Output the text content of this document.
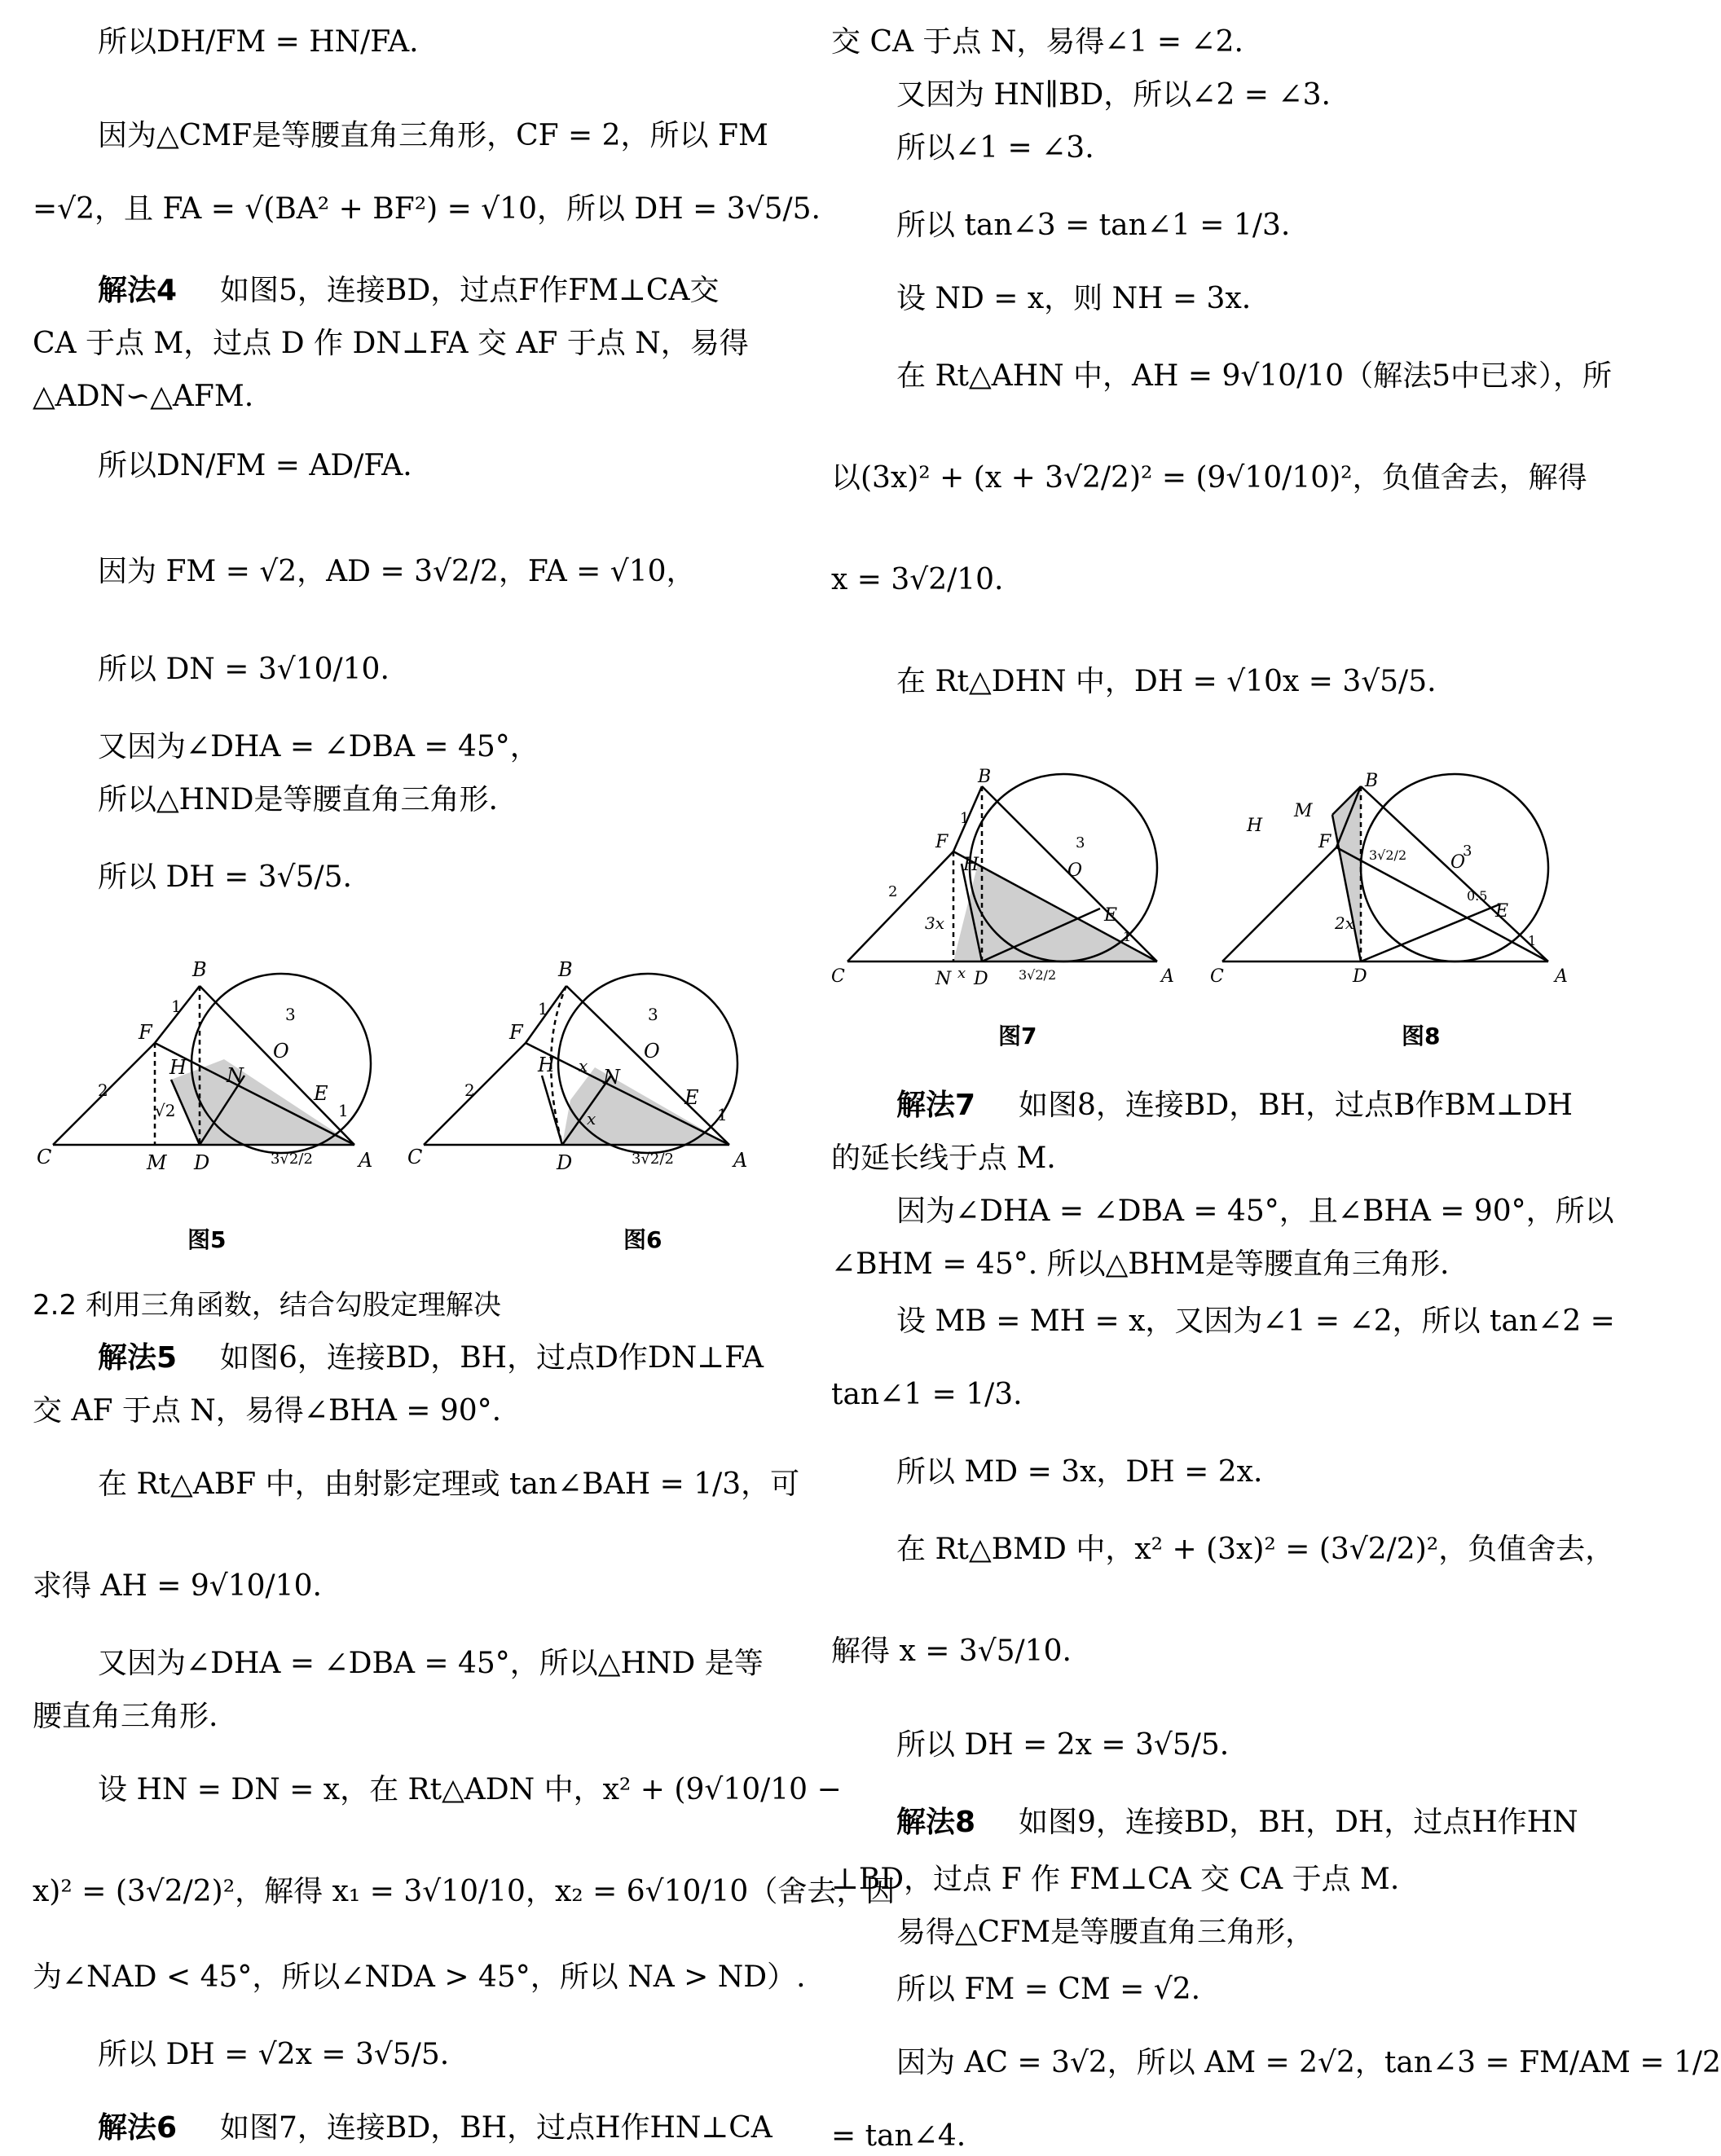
所以DH/FM = HN/FA.
因为△CMF是等腰直角三角形，CF = 2，所以 FM
=√2，且 FA = √(BA² + BF²) = √10，所以 DH = 3√5/5.
解法4 如图5，连接BD，过点F作FM⊥CA交
CA 于点 M，过点 D 作 DN⊥FA 交 AF 于点 N，易得
△ADN∽△AFM.
所以DN/FM = AD/FA.
因为 FM = √2，AD = 3√2/2，FA = √10，
所以 DN = 3√10/10.
又因为∠DHA = ∠DBA = 45°，
所以△HND是等腰直角三角形.
所以 DH = 3√5/5.
2.2 利用三角函数，结合勾股定理解决
解法5 如图6，连接BD，BH，过点D作DN⊥FA
交 AF 于点 N，易得∠BHA = 90°.
在 Rt△ABF 中，由射影定理或 tan∠BAH = 1/3，可
求得 AH = 9√10/10.
又因为∠DHA = ∠DBA = 45°，所以△HND 是等
腰直角三角形.
设 HN = DN = x，在 Rt△ADN 中，x² + (9√10/10 −
x)² = (3√2/2)²，解得 x₁ = 3√10/10，x₂ = 6√10/10（舍去，因
为∠NAD < 45°，所以∠NDA > 45°，所以 NA > ND）.
所以 DH = √2x = 3√5/5.
解法6 如图7，连接BD，BH，过点H作HN⊥CA
交 CA 于点 N，易得∠1 = ∠2.
又因为 HN∥BD，所以∠2 = ∠3.
所以∠1 = ∠3.
所以 tan∠3 = tan∠1 = 1/3.
设 ND = x，则 NH = 3x.
在 Rt△AHN 中，AH = 9√10/10（解法5中已求），所
以(3x)² + (x + 3√2/2)² = (9√10/10)²，负值舍去，解得
x = 3√2/10.
在 Rt△DHN 中，DH = √10x = 3√5/5.
解法7 如图8，连接BD，BH，过点B作BM⊥DH
的延长线于点 M.
因为∠DHA = ∠DBA = 45°，且∠BHA = 90°，所以
∠BHM = 45°. 所以△BHM是等腰直角三角形.
设 MB = MH = x，又因为∠1 = ∠2，所以 tan∠2 =
tan∠1 = 1/3.
所以 MD = 3x，DH = 2x.
在 Rt△BMD 中，x² + (3x)² = (3√2/2)²，负值舍去，
解得 x = 3√5/10.
所以 DH = 2x = 3√5/5.
解法8 如图9，连接BD，BH，DH，过点H作HN
⊥BD，过点 F 作 FM⊥CA 交 CA 于点 M.
易得△CFM是等腰直角三角形，
所以 FM = CM = √2.
因为 AC = 3√2，所以 AM = 2√2，tan∠3 = FM/AM = 1/2
= tan∠4.
B
F
H
O
N
E
C	M D	A
1
2
3
1
√2
3√2/2
图5
B
F
H
O
N
E
C	D	A
1
2
3
1
x
x
3√2/2
图6
B
F
H	O
E
C	N x D	A
1
2
3
3x
1
3√2/2
图7
M
B
H
F
O
E
C	D	A
2x
3√2/2	3
0.5
1
图8
